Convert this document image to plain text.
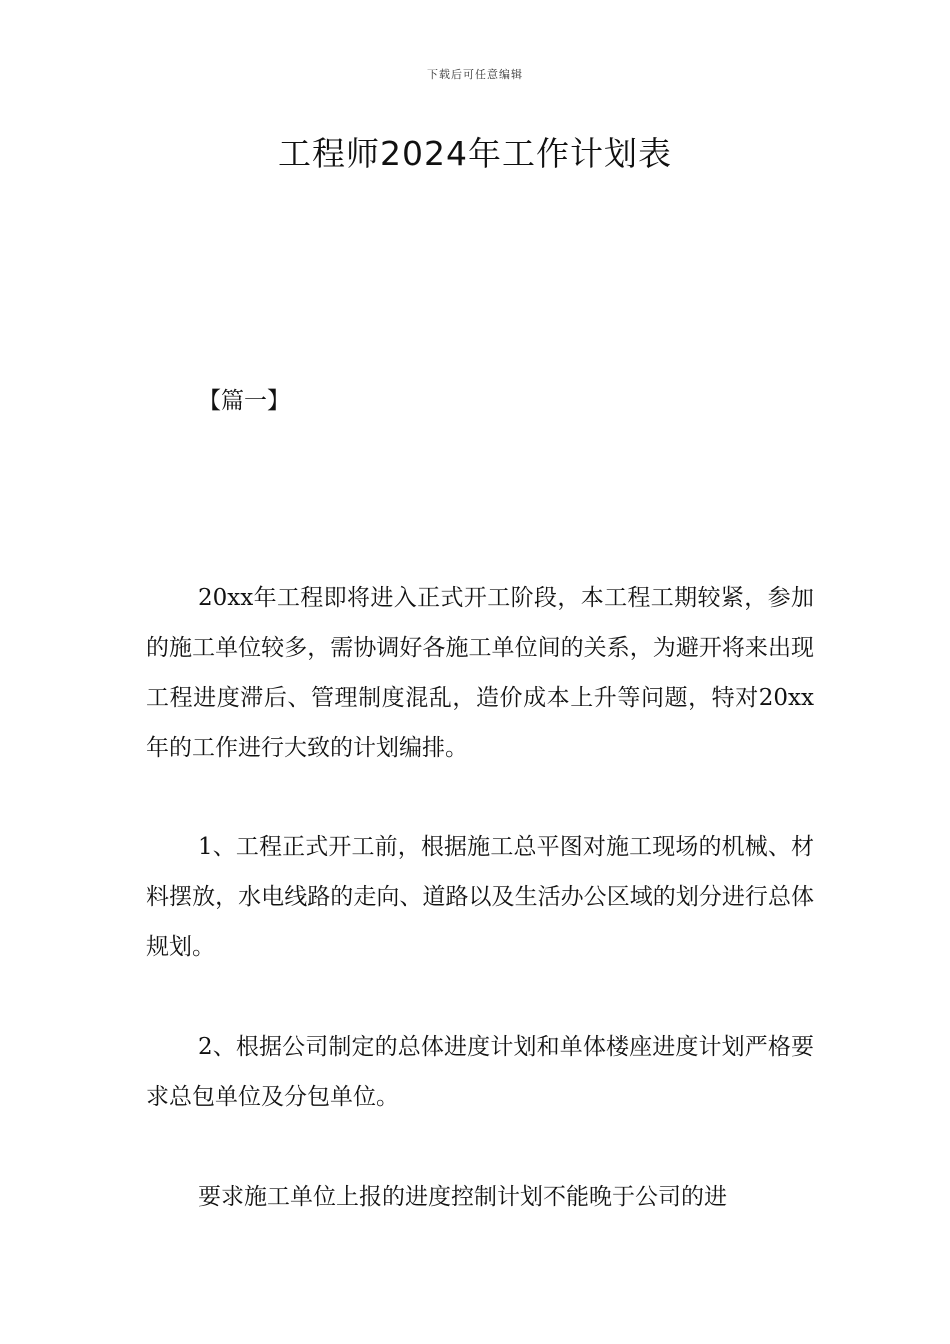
下载后可任意编辑
工程师2024年工作计划表
【篇一】

20xx年工程即将进入正式开工阶段，本工程工期较紧，参加的施工单位较多，需协调好各施工单位间的关系，为避开将来出现工程进度滞后、管理制度混乱，造价成本上升等问题，特对20xx年的工作进行大致的计划编排。

1、工程正式开工前，根据施工总平图对施工现场的机械、材料摆放，水电线路的走向、道路以及生活办公区域的划分进行总体规划。

2、根据公司制定的总体进度计划和单体楼座进度计划严格要求总包单位及分包单位。

要求施工单位上报的进度控制计划不能晚于公司的进
